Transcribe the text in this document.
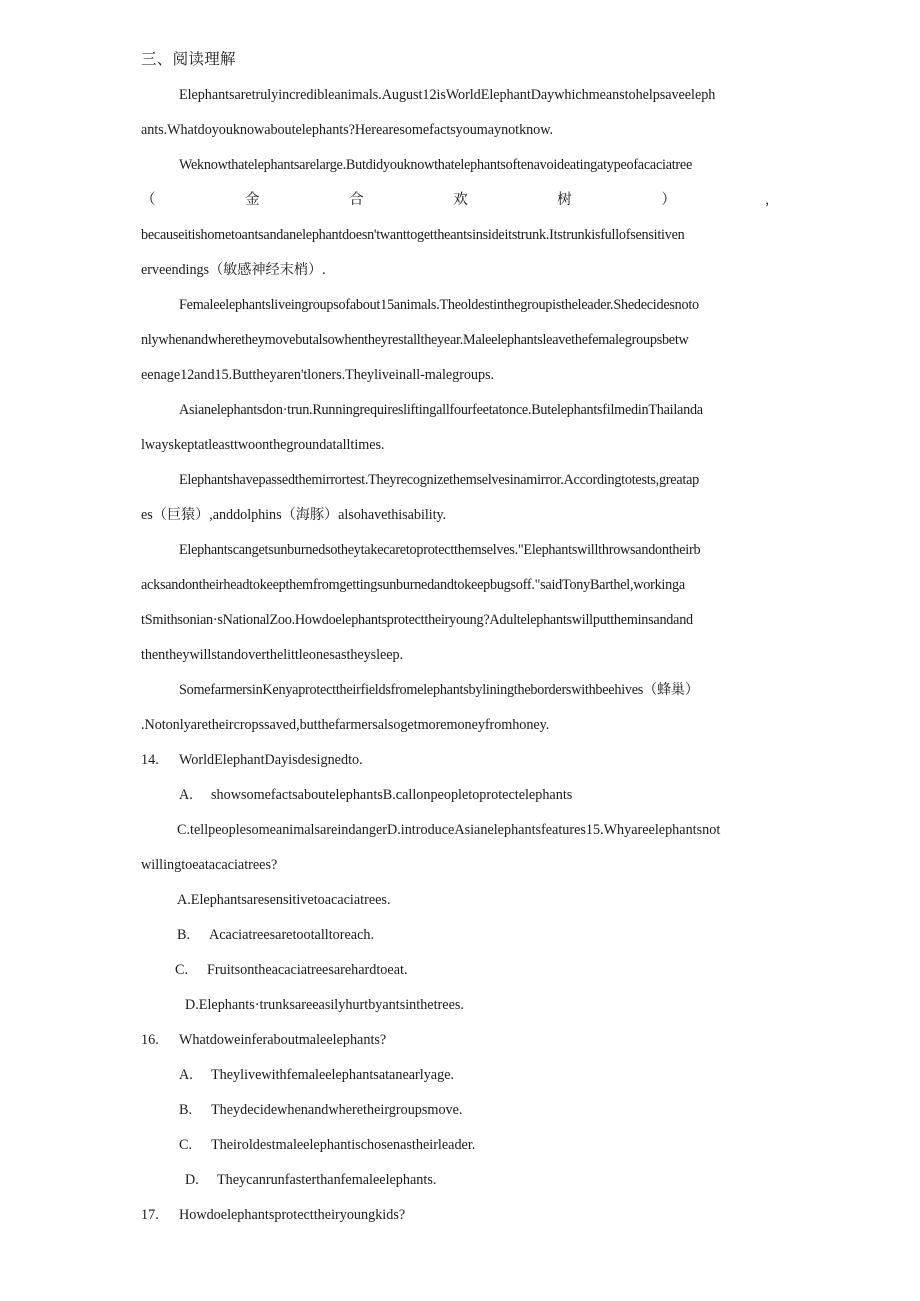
三、阅读理解
Elephantsaretrulyincredibleanimals.August12isWorldElephantDaywhichmeanstohelpsaveeleph
ants.Whatdoyouknowaboutelephants?Herearesomefactsyoumaynotknow.
Weknowthatelephantsarelarge.Butdidyouknowthatelephantsoftenavoideatingatypeofacaciatree
（	金	合	欢	树	）	,
becauseitishometoantsandanelephantdoesn'twanttogettheantsinsideitstrunk.Itstrunkisfullofsensitiven
erveendings（敏感神经末梢）.
Femaleelephantsliveingroupsofabout15animals.Theoldestinthegroupistheleader.Shedecidesnoto
nlywhenandwheretheymovebutalsowhentheyrestalltheyear.Maleelephantsleavethefemalegroupsbetw
eenage12and15.Buttheyaren'tloners.Theyliveinall-malegroups.
Asianelephantsdon·trun.Runningrequiresliftingallfourfeetatonce.ButelephantsfilmedinThailanda
lwayskeptatleasttwoonthegroundatalltimes.
Elephantshavepassedthemirrortest.Theyrecognizethemselvesinamirror.Accordingtotests,greatap
es（巨猿）,anddolphins（海豚）alsohavethisability.
Elephantscangetsunburnedsotheytakecaretoprotectthemselves."Elephantswillthrowsandontheirb
acksandontheirheadtokeepthemfromgettingsunburnedandtokeepbugsoff."saidTonyBarthel,workinga
tSmithsonian·sNationalZoo.Howdoelephantsprotecttheiryoung?Adultelephantswillputtheminsandand
thentheywillstandoverthelittleonesastheysleep.
SomefarmersinKenyaprotecttheirfieldsfromelephantsbyliningtheborderswithbeehives（蜂巢）
.Notonlyaretheircropssaved,butthefarmersalsogetmoremoneyfromhoney.
14.	WorldElephantDayisdesignedto.
A.	showsomefactsaboutelephantsB.callonpeopletoprotectelephants
C.tellpeoplesomeanimalsareindangerD.introduceAsianelephantsfeatures15.Whyareelephantsnot
willingtoeatacaciatrees?
A.Elephantsaresensitivetoacaciatrees.
B.	Acaciatreesaretootalltoreach.
C.	Fruitsontheacaciatreesarehardtoeat.
D.Elephants·trunksareeasilyhurtbyantsinthetrees.
16.	Whatdoweinferaboutmaleelephants?
A.	Theylivewithfemaleelephantsatanearlyage.
B.	Theydecidewhenandwheretheirgroupsmove.
C.	Theiroldestmaleelephantischosenastheirleader.
D.	Theycanrunfasterthanfemaleelephants.
17.	Howdoelephantsprotecttheiryoungkids?
